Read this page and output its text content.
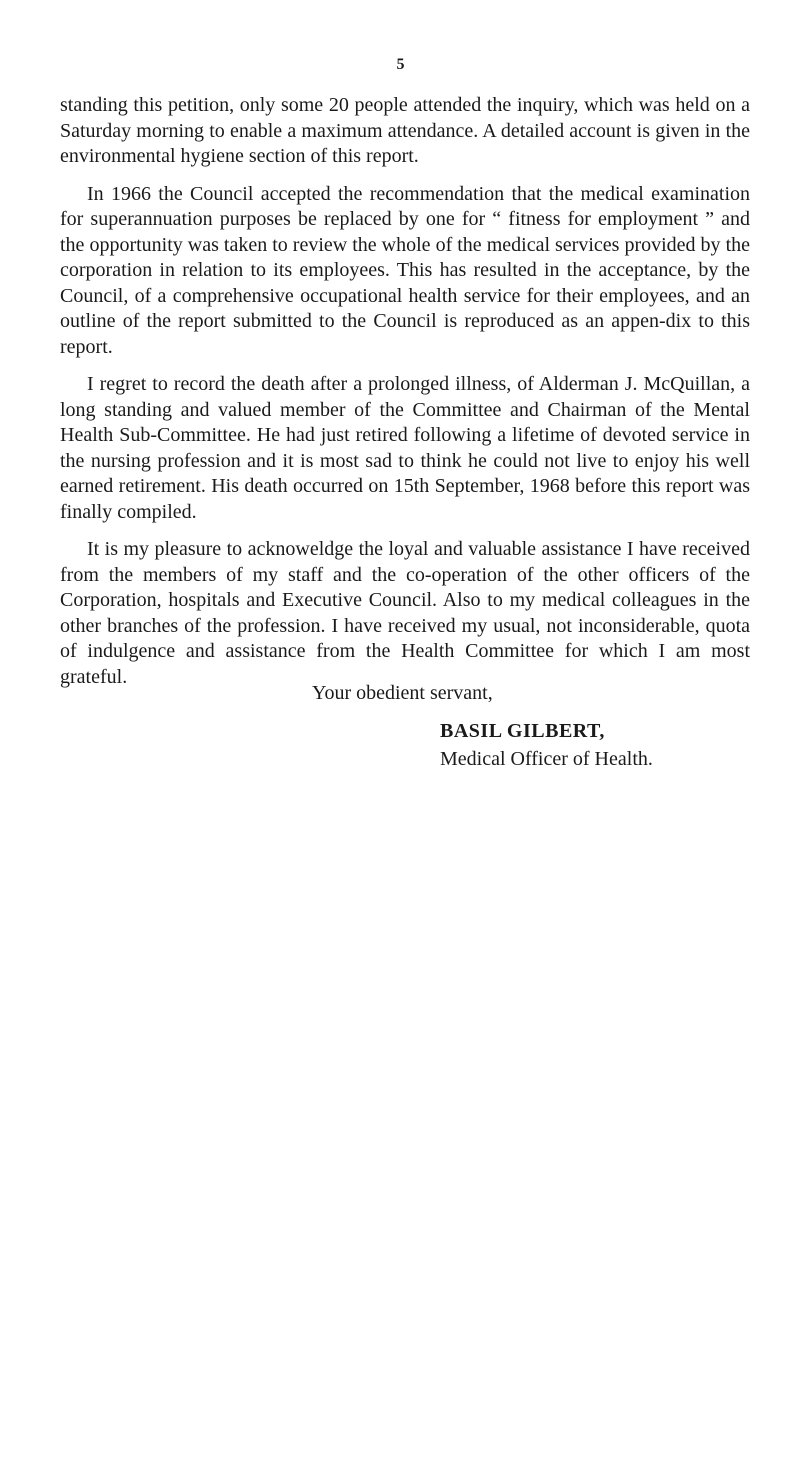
5

standing this petition, only some 20 people attended the inquiry, which was held on a Saturday morning to enable a maximum attendance. A detailed account is given in the environmental hygiene section of this report.

In 1966 the Council accepted the recommendation that the medical examination for superannuation purposes be replaced by one for “ fitness for employment ” and the opportunity was taken to review the whole of the medical services provided by the corporation in relation to its employees. This has resulted in the acceptance, by the Council, of a comprehensive occupational health service for their employees, and an outline of the report submitted to the Council is reproduced as an appen-dix to this report.

I regret to record the death after a prolonged illness, of Alderman J. McQuillan, a long standing and valued member of the Committee and Chairman of the Mental Health Sub-Committee. He had just retired following a lifetime of devoted service in the nursing profession and it is most sad to think he could not live to enjoy his well earned retirement. His death occurred on 15th September, 1968 before this report was finally compiled.

It is my pleasure to acknoweldge the loyal and valuable assistance I have received from the members of my staff and the co-operation of the other officers of the Corporation, hospitals and Executive Council. Also to my medical colleagues in the other branches of the profession. I have received my usual, not inconsiderable, quota of indulgence and assistance from the Health Committee for which I am most grateful.

Your obedient servant,
BASIL GILBERT,
Medical Officer of Health.
